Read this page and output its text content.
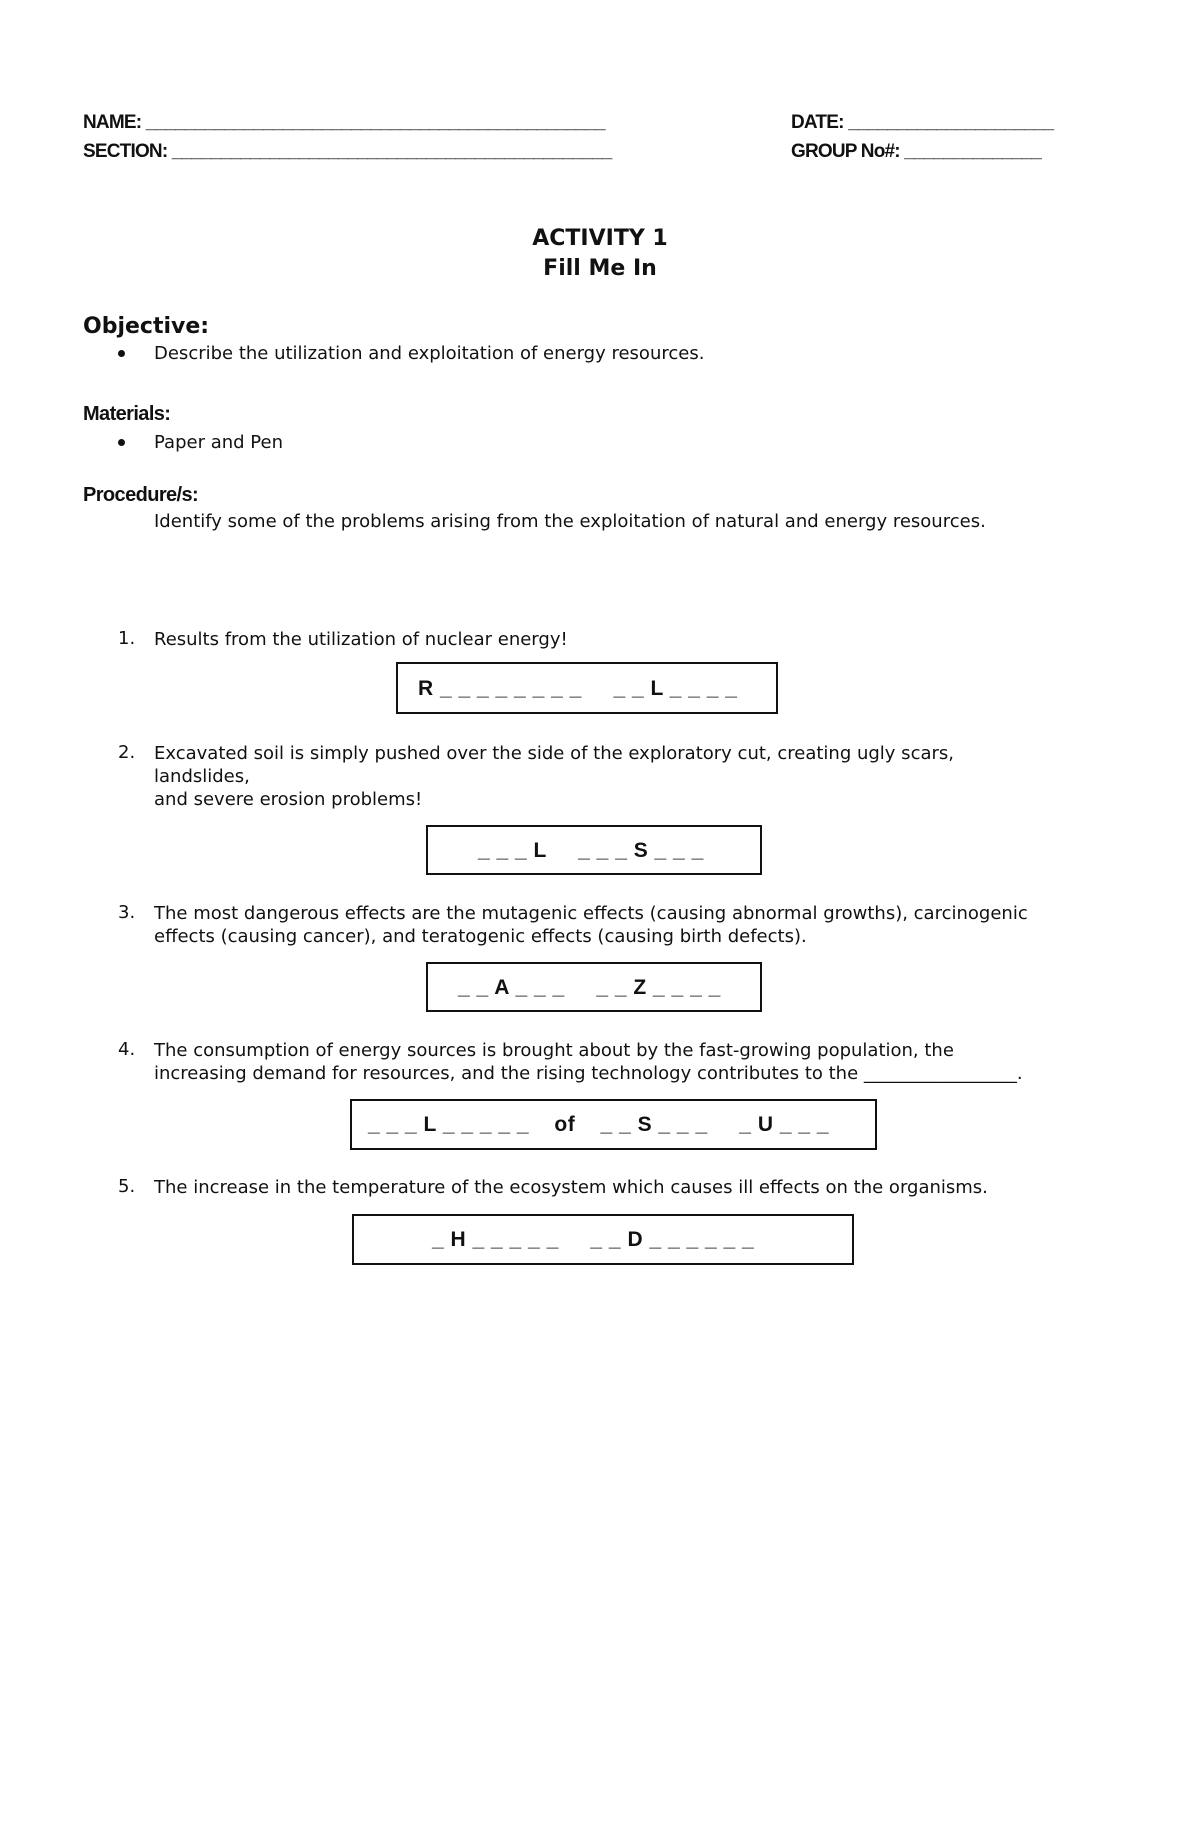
NAME: _______________________________________________
SECTION: _____________________________________________
DATE: _____________________
GROUP No#: ______________
ACTIVITY 1
Fill Me In
Objective:
Describe the utilization and exploitation of energy resources.
Materials:
Paper and Pen
Procedure/s:
Identify some of the problems arising from the exploitation of natural and energy resources.
1. Results from the utilization of nuclear energy!
R _ _ _ _ _ _ _ _     _ _ L _ _ _ _
2. Excavated soil is simply pushed over the side of the exploratory cut, creating ugly scars,
landslides,
and severe erosion problems!
_ _ _ L     _ _ _ S _ _ _
3. The most dangerous effects are the mutagenic effects (causing abnormal growths), carcinogenic
effects (causing cancer), and teratogenic effects (causing birth defects).
_ _ A _ _ _     _ _ Z _ _ _ _
4. The consumption of energy sources is brought about by the fast-growing population, the
increasing demand for resources, and the rising technology contributes to the _________________.
_ _ _ L _ _ _ _ _    of    _ _ S _ _ _     _ U _ _ _
5. The increase in the temperature of the ecosystem which causes ill effects on the organisms.
_ H _ _ _ _ _     _ _ D _ _ _ _ _ _
